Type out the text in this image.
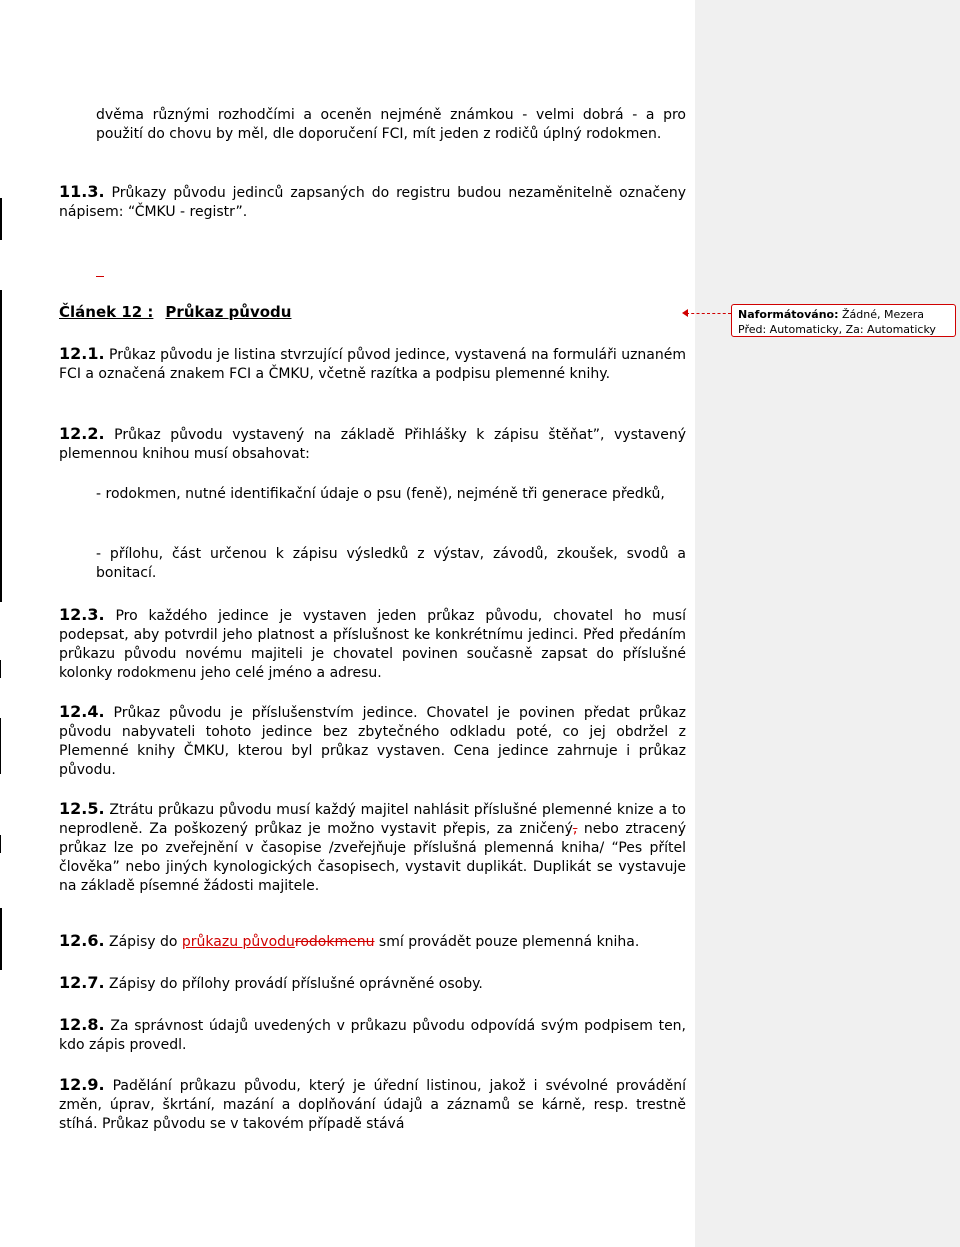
dvěma různými rozhodčími a oceněn nejméně známkou - velmi dobrá - a pro použití do chovu by měl, dle doporučení FCI, mít jeden z rodičů úplný rodokmen.
11.3. Průkazy původu jedinců zapsaných do registru budou nezaměnitelně označeny nápisem: “ČMKU - registr”.
Článek 12 : Průkaz původu
12.1. Průkaz původu je listina stvrzující původ jedince, vystavená na formuláři uznaném FCI a označená znakem FCI a ČMKU, včetně razítka a podpisu plemenné knihy.
12.2. Průkaz původu vystavený na základě Přihlášky k zápisu štěňat”, vystavený plemennou knihou musí obsahovat:
- rodokmen, nutné identifikační údaje o psu (feně), nejméně tři generace předků,
- přílohu, část určenou k zápisu výsledků z výstav, závodů, zkoušek, svodů a bonitací.
12.3. Pro každého jedince je vystaven jeden průkaz původu, chovatel ho musí podepsat, aby potvrdil jeho platnost a příslušnost ke konkrétnímu jedinci. Před předáním průkazu původu novému majiteli je chovatel povinen současně zapsat do příslušné kolonky rodokmenu jeho celé jméno a adresu.
12.4. Průkaz původu je příslušenstvím jedince. Chovatel je povinen předat průkaz původu nabyvateli tohoto jedince bez zbytečného odkladu poté, co jej obdržel z Plemenné knihy ČMKU, kterou byl průkaz vystaven. Cena jedince zahrnuje i průkaz původu.
12.5. Ztrátu průkazu původu musí každý majitel nahlásit příslušné plemenné knize a to neprodleně. Za poškozený průkaz je možno vystavit přepis, za zničený, nebo ztracený průkaz lze po zveřejnění v časopise /zveřejňuje příslušná plemenná kniha/ “Pes přítel člověka” nebo jiných kynologických časopisech, vystavit duplikát. Duplikát se vystavuje na základě písemné žádosti majitele.
12.6. Zápisy do průkazu původurodokmenu smí provádět pouze plemenná kniha.
12.7. Zápisy do přílohy provádí příslušné oprávněné osoby.
12.8. Za správnost údajů uvedených v průkazu původu odpovídá svým podpisem ten, kdo zápis provedl.
12.9. Padělání průkazu původu, který je úřední listinou, jakož i svévolné provádění změn, úprav, škrtání, mazání a doplňování údajů a záznamů se kárně, resp. trestně stíhá. Průkaz původu se v takovém případě stává
Naformátováno: Žádné, Mezera Před: Automaticky, Za: Automaticky
